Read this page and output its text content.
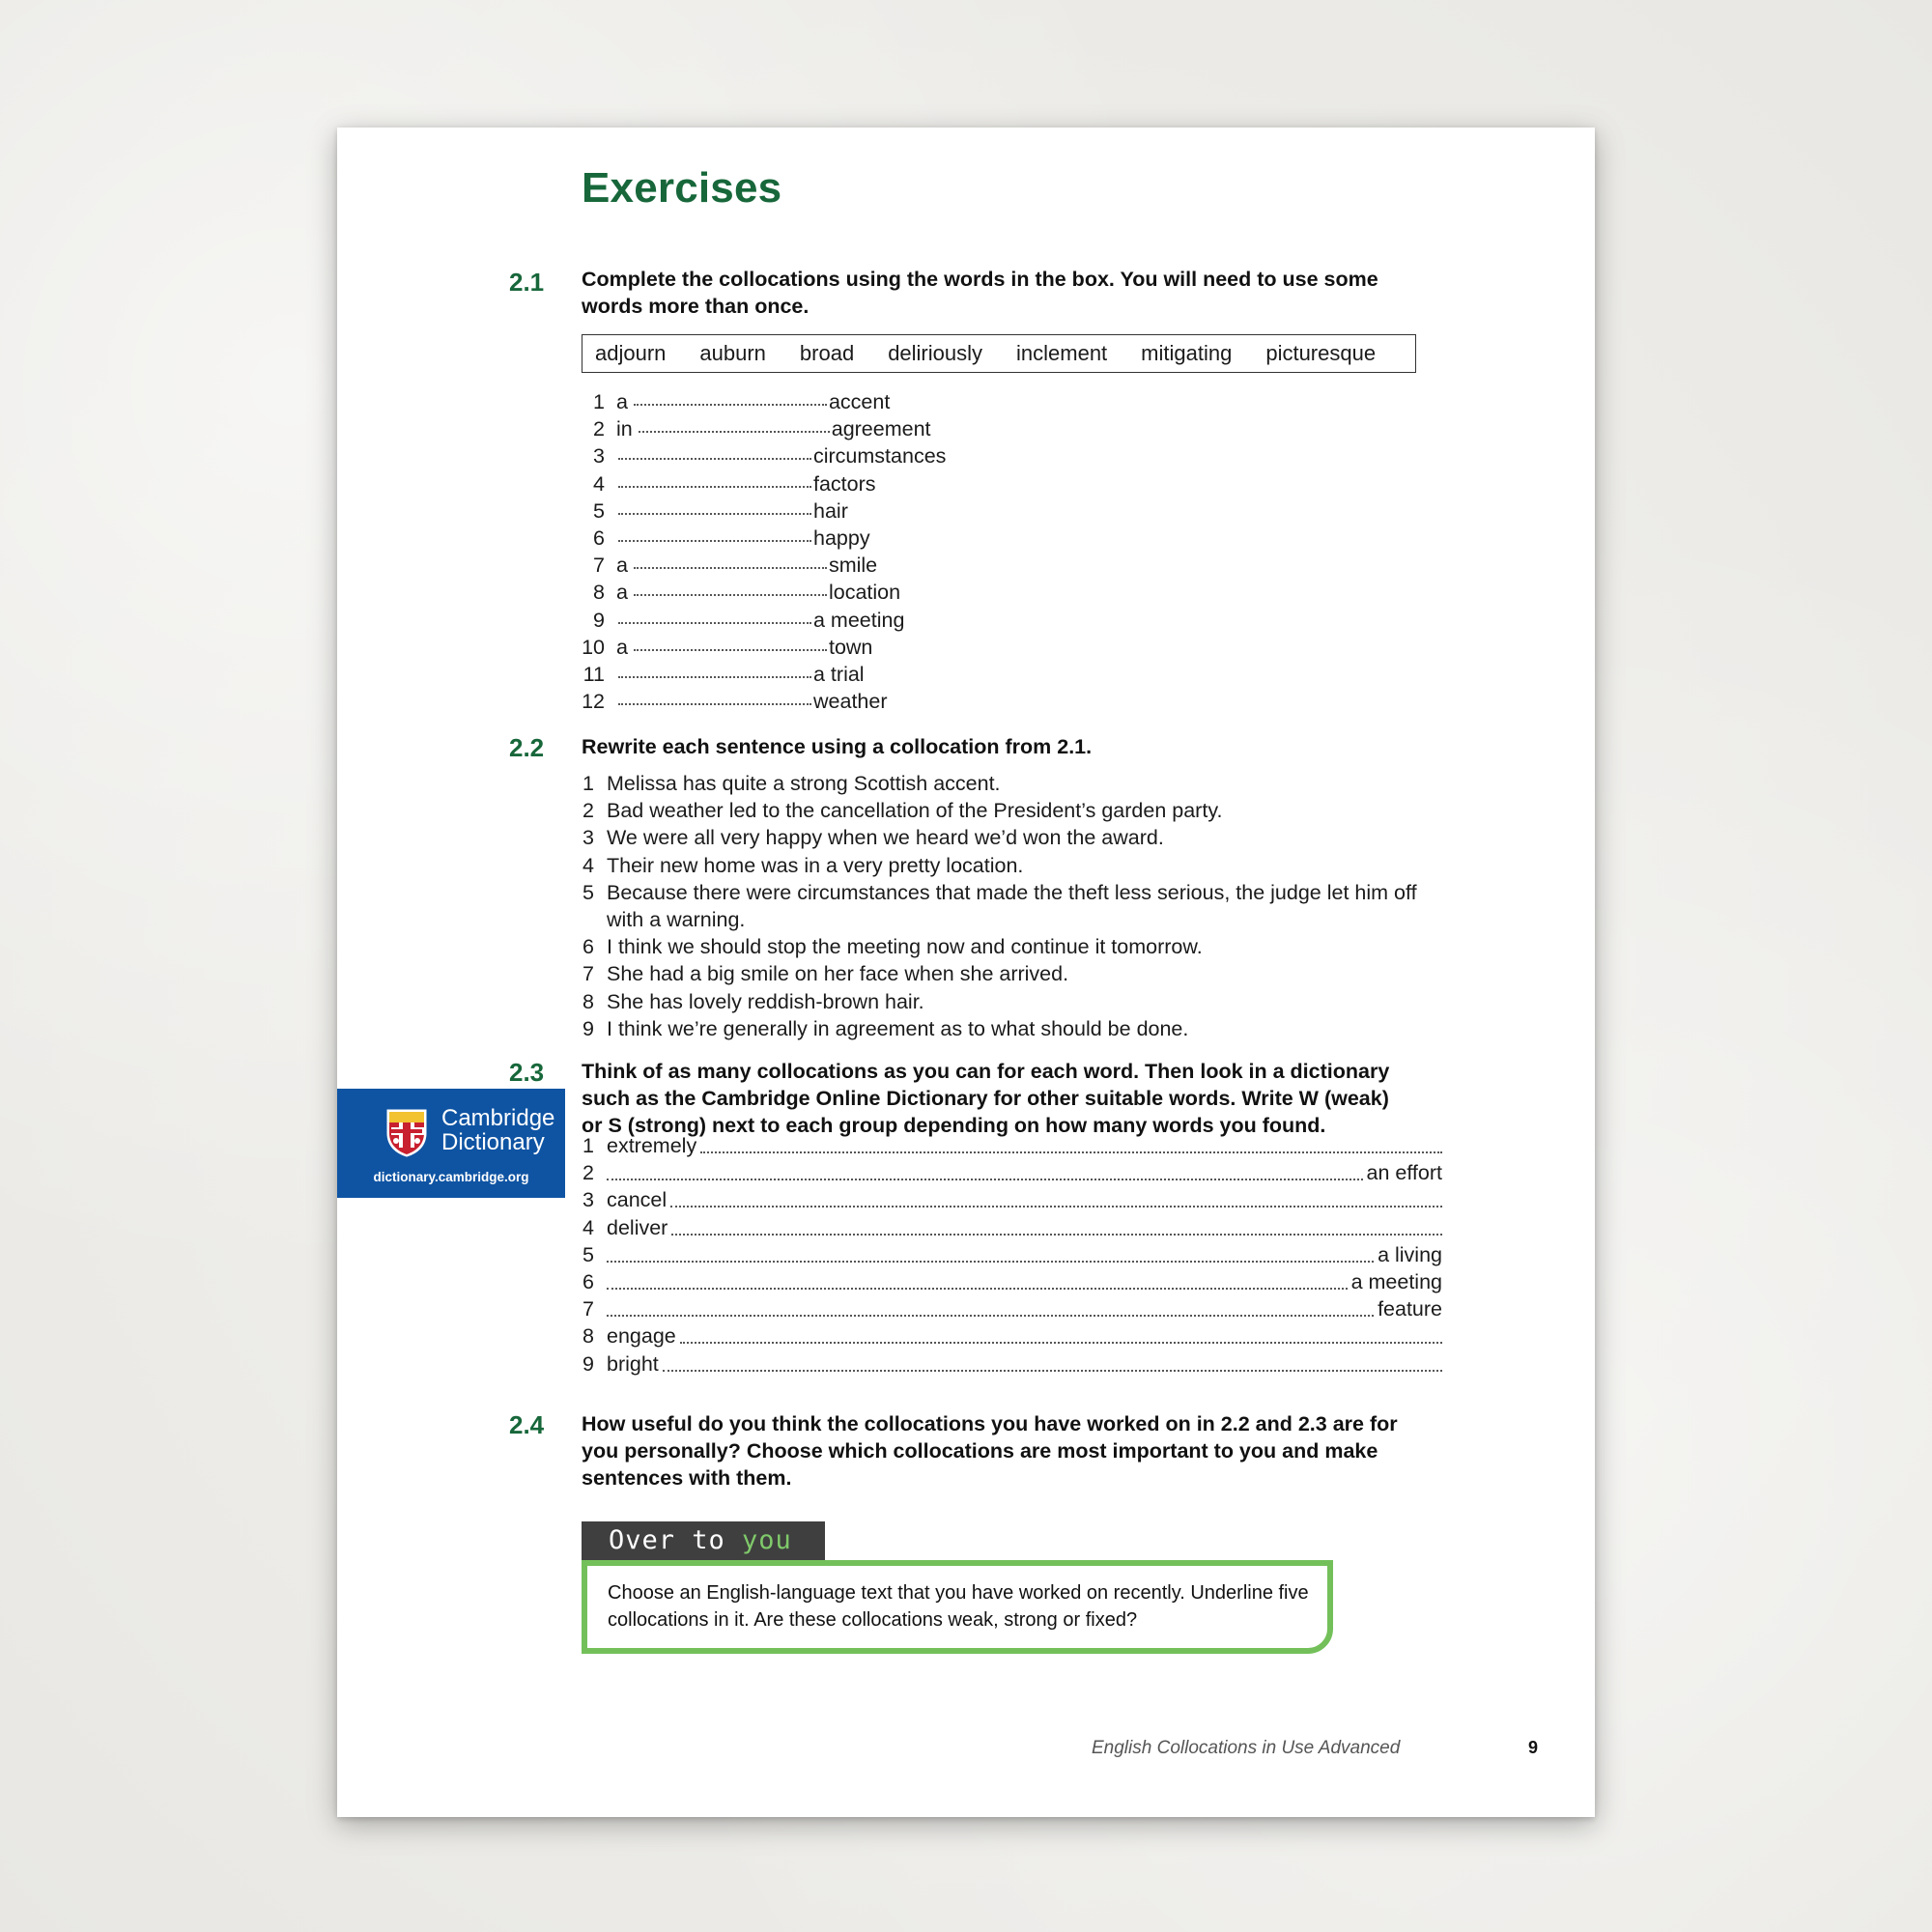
Exercises
2.1 Complete the collocations using the words in the box. You will need to use some words more than once.
adjourn auburn broad deliriously inclement mitigating picturesque
1 a	accent
2 in	agreement
3	circumstances
4	factors
5	hair
6	happy
7 a	smile
8 a	location
9	a meeting
10 a	town
11	a trial
12	weather
2.2 Rewrite each sentence using a collocation from 2.1.
1 Melissa has quite a strong Scottish accent.
2 Bad weather led to the cancellation of the President’s garden party.
3 We were all very happy when we heard we’d won the award.
4 Their new home was in a very pretty location.
5 Because there were circumstances that made the theft less serious, the judge let him off
with a warning.
6 I think we should stop the meeting now and continue it tomorrow.
7 She had a big smile on her face when she arrived.
8 She has lovely reddish-brown hair.
9 I think we’re generally in agreement as to what should be done.
2.3 Think of as many collocations as you can for each word. Then look in a dictionary such as the Cambridge Online Dictionary for other suitable words. Write W (weak) or S (strong) next to each group depending on how many words you found.
1 extremely
2	an effort
3 cancel
4 deliver
5	a living
6	a meeting
7	feature
8 engage
9 bright
Cambridge
Dictionary
dictionary.cambridge.org
2.4 How useful do you think the collocations you have worked on in 2.2 and 2.3 are for you personally? Choose which collocations are most important to you and make sentences with them.
Over to you
Choose an English-language text that you have worked on recently. Underline five collocations in it. Are these collocations weak, strong or fixed?
English Collocations in Use Advanced	9
